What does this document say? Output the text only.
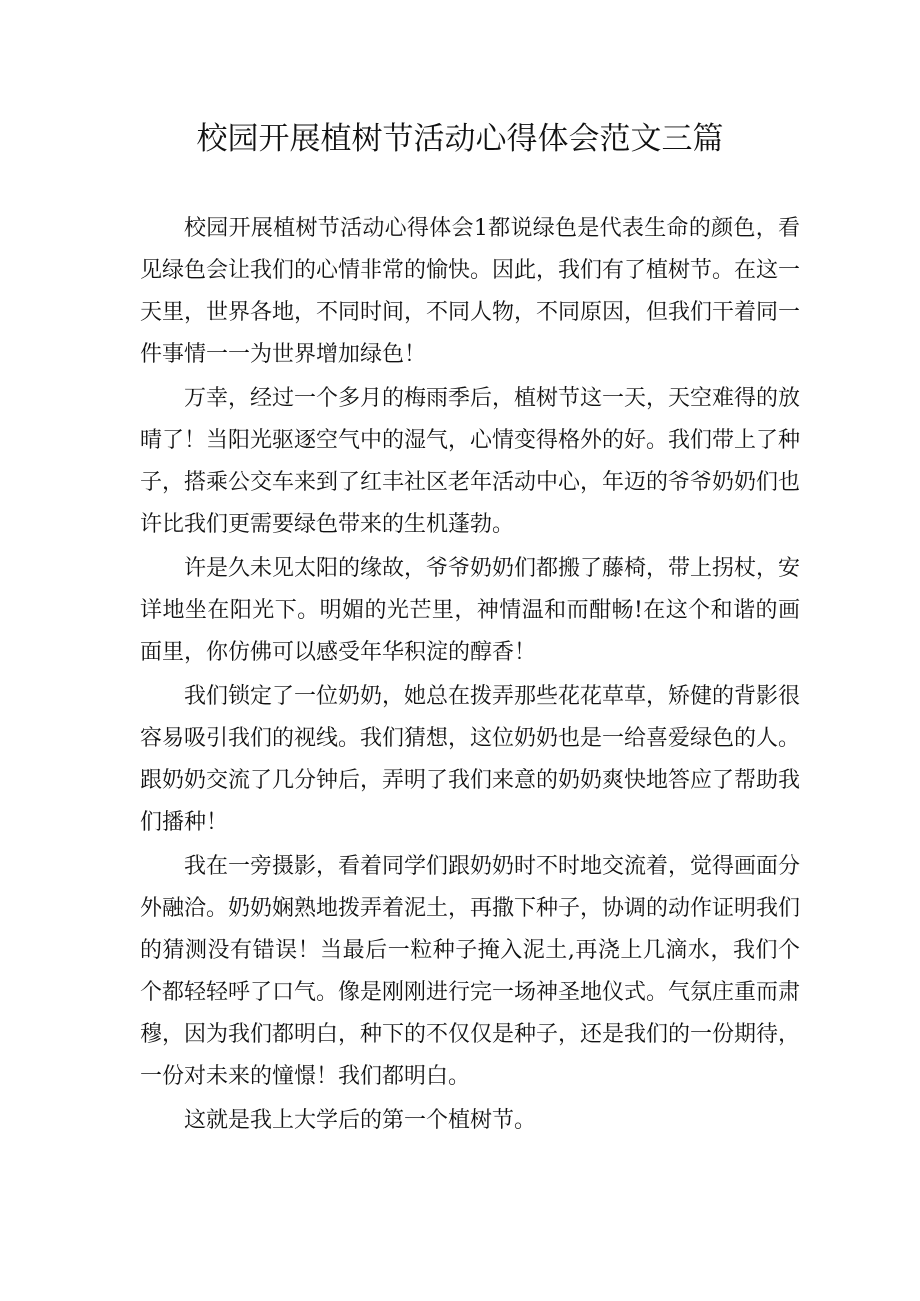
校园开展植树节活动心得体会范文三篇

校园开展植树节活动心得体会1都说绿色是代表生命的颜色，看见绿色会让我们的心情非常的愉快。因此，我们有了植树节。在这一天里，世界各地，不同时间，不同人物，不同原因，但我们干着同一件事情一一为世界增加绿色！

万幸，经过一个多月的梅雨季后，植树节这一天，天空难得的放晴了！当阳光驱逐空气中的湿气，心情变得格外的好。我们带上了种子，搭乘公交车来到了红丰社区老年活动中心，年迈的爷爷奶奶们也许比我们更需要绿色带来的生机蓬勃。

许是久未见太阳的缘故，爷爷奶奶们都搬了藤椅，带上拐杖，安详地坐在阳光下。明媚的光芒里，神情温和而酣畅!在这个和谐的画面里，你仿佛可以感受年华积淀的醇香！

我们锁定了一位奶奶，她总在拨弄那些花花草草，矫健的背影很容易吸引我们的视线。我们猜想，这位奶奶也是一给喜爱绿色的人。跟奶奶交流了几分钟后，弄明了我们来意的奶奶爽快地答应了帮助我们播种！

我在一旁摄影，看着同学们跟奶奶时不时地交流着，觉得画面分外融洽。奶奶娴熟地拨弄着泥土，再撒下种子，协调的动作证明我们的猜测没有错误！当最后一粒种子掩入泥土,再浇上几滴水，我们个个都轻轻呼了口气。像是刚刚进行完一场神圣地仪式。气氛庄重而肃穆，因为我们都明白，种下的不仅仅是种子，还是我们的一份期待，一份对未来的憧憬！我们都明白。

这就是我上大学后的第一个植树节。
